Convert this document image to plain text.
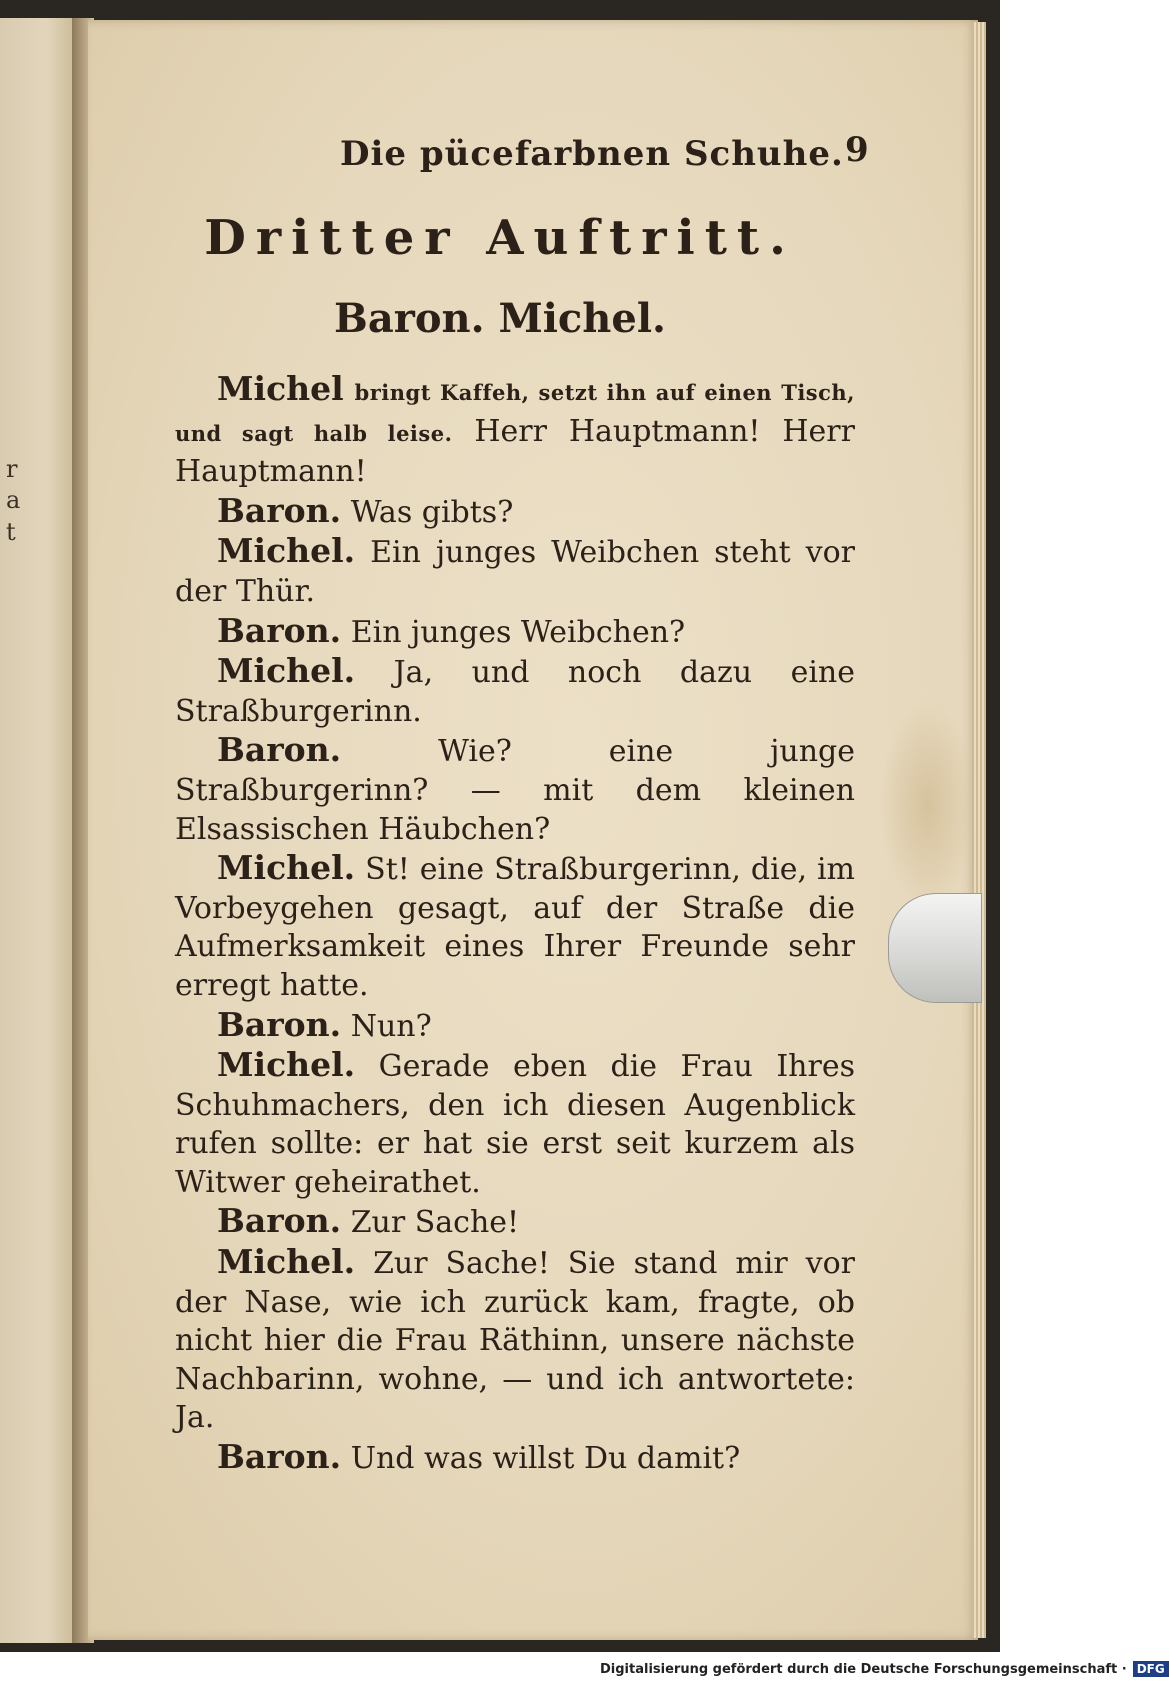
r
a
t
Die pücefarbnen Schuhe. 9
Dritter Auftritt.
Baron. Michel.

Michel bringt Kaffeh, setzt ihn auf einen Tisch, und sagt halb leise. Herr Hauptmann! Herr Hauptmann!

Baron. Was gibts?

Michel. Ein junges Weibchen steht vor der Thür.

Baron. Ein junges Weibchen?

Michel. Ja, und noch dazu eine Straßburgerinn.

Baron.	Wie? eine junge Straßburgerinn? — mit dem kleinen Elsassischen Häubchen?

Michel. St! eine Straßburgerinn, die, im Vorbeygehen gesagt, auf der Straße die Aufmerksamkeit eines Ihrer Freunde sehr erregt hatte.

Baron. Nun?

Michel. Gerade eben die Frau Ihres Schuhmachers, den ich diesen Augenblick rufen sollte: er hat sie erst seit kurzem als Witwer geheirathet.

Baron. Zur Sache!

Michel. Zur Sache! Sie stand mir vor der Nase, wie ich zurück kam, fragte, ob nicht hier die Frau Räthinn, unsere nächste Nachbarinn, wohne, — und ich antwortete: Ja.

Baron. Und was willst Du damit?

Digitalisierung gefördert durch die Deutsche Forschungsgemeinschaft · DFG
